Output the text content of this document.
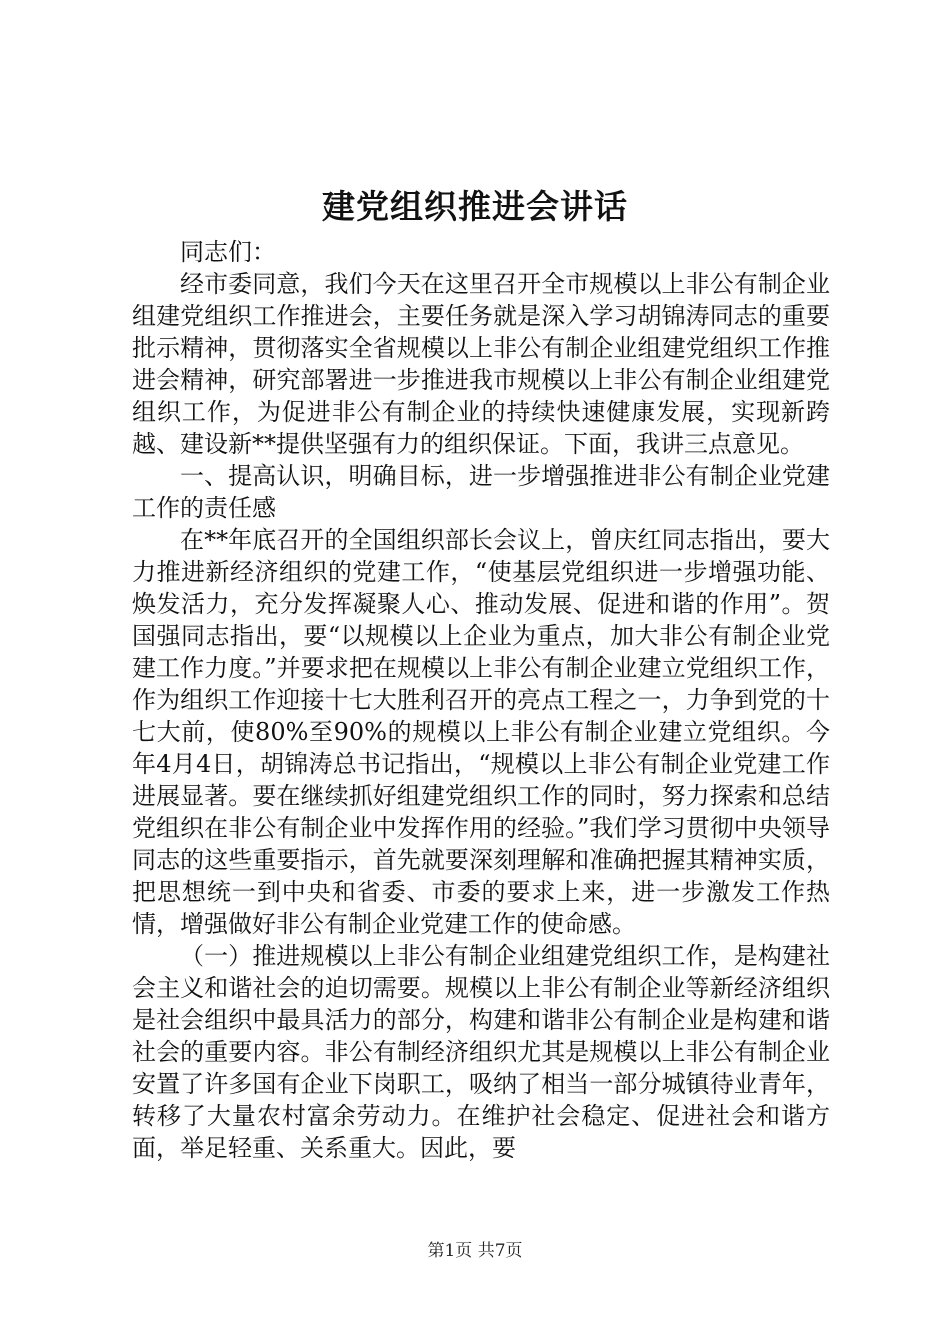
建党组织推进会讲话

同志们：

经市委同意，我们今天在这里召开全市规模以上非公有制企业组建党组织工作推进会，主要任务就是深入学习胡锦涛同志的重要批示精神，贯彻落实全省规模以上非公有制企业组建党组织工作推进会精神，研究部署进一步推进我市规模以上非公有制企业组建党组织工作，为促进非公有制企业的持续快速健康发展，实现新跨越、建设新**提供坚强有力的组织保证。下面，我讲三点意见。

一、提高认识，明确目标，进一步增强推进非公有制企业党建工作的责任感

在**年底召开的全国组织部长会议上，曾庆红同志指出，要大力推进新经济组织的党建工作，“使基层党组织进一步增强功能、焕发活力，充分发挥凝聚人心、推动发展、促进和谐的作用”。贺国强同志指出，要“以规模以上企业为重点，加大非公有制企业党建工作力度。”并要求把在规模以上非公有制企业建立党组织工作，作为组织工作迎接十七大胜利召开的亮点工程之一，力争到党的十七大前，使80%至90%的规模以上非公有制企业建立党组织。今年4月4日，胡锦涛总书记指出，“规模以上非公有制企业党建工作进展显著。要在继续抓好组建党组织工作的同时，努力探索和总结党组织在非公有制企业中发挥作用的经验。”我们学习贯彻中央领导同志的这些重要指示，首先就要深刻理解和准确把握其精神实质，把思想统一到中央和省委、市委的要求上来，进一步激发工作热情，增强做好非公有制企业党建工作的使命感。

（一）推进规模以上非公有制企业组建党组织工作，是构建社会主义和谐社会的迫切需要。规模以上非公有制企业等新经济组织是社会组织中最具活力的部分，构建和谐非公有制企业是构建和谐社会的重要内容。非公有制经济组织尤其是规模以上非公有制企业安置了许多国有企业下岗职工，吸纳了相当一部分城镇待业青年，转移了大量农村富余劳动力。在维护社会稳定、促进社会和谐方面，举足轻重、关系重大。因此，要

第1页 共7页
